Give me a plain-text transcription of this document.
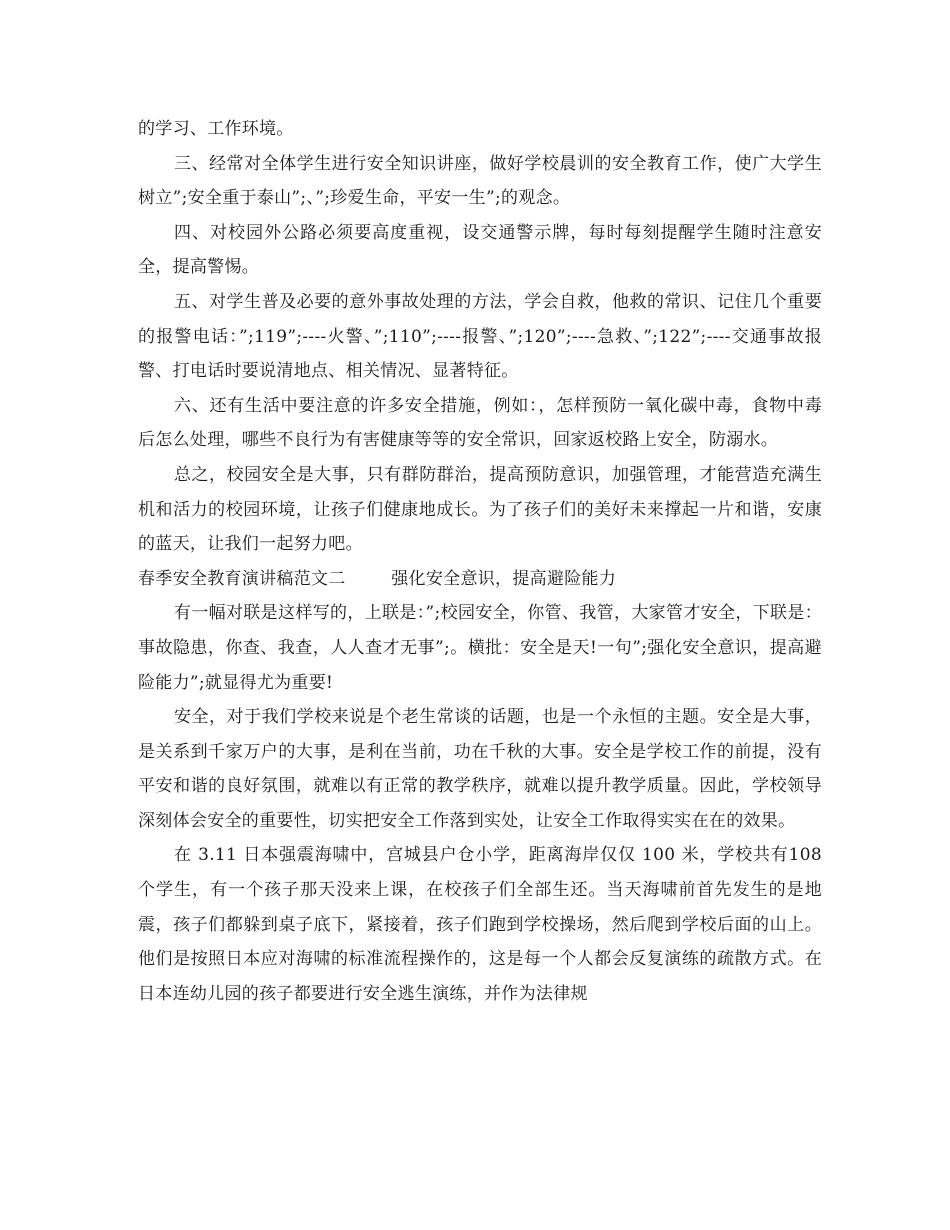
的学习、工作环境。

三、经常对全体学生进行安全知识讲座，做好学校晨训的安全教育工作，使广大学生树立”;安全重于泰山”;、”;珍爱生命，平安一生”;的观念。

四、对校园外公路必须要高度重视，设交通警示牌，每时每刻提醒学生随时注意安全，提高警惕。

五、对学生普及必要的意外事故处理的方法，学会自救，他救的常识、记住几个重要的报警电话：”;119”;----火警、”;110”;----报警、”;120”;----急救、”;122”;----交通事故报警、打电话时要说清地点、相关情况、显著特征。

六、还有生活中要注意的许多安全措施，例如：，怎样预防一氧化碳中毒，食物中毒后怎么处理，哪些不良行为有害健康等等的安全常识，回家返校路上安全，防溺水。

总之，校园安全是大事，只有群防群治，提高预防意识，加强管理，才能营造充满生机和活力的校园环境，让孩子们健康地成长。为了孩子们的美好未来撑起一片和谐，安康的蓝天，让我们一起努力吧。

春季安全教育演讲稿范文二	强化安全意识，提高避险能力

有一幅对联是这样写的，上联是：”;校园安全，你管、我管，大家管才安全，下联是：事故隐患，你查、我查，人人查才无事”;。横批：安全是天!一句”;强化安全意识，提高避险能力”;就显得尤为重要!

安全，对于我们学校来说是个老生常谈的话题，也是一个永恒的主题。安全是大事，是关系到千家万户的大事，是利在当前，功在千秋的大事。安全是学校工作的前提，没有平安和谐的良好氛围，就难以有正常的教学秩序，就难以提升教学质量。因此，学校领导深刻体会安全的重要性，切实把安全工作落到实处，让安全工作取得实实在在的效果。

在 3.11 日本强震海啸中，宫城县户仓小学，距离海岸仅仅 100 米，学校共有108 个学生，有一个孩子那天没来上课，在校孩子们全部生还。当天海啸前首先发生的是地震，孩子们都躲到桌子底下，紧接着，孩子们跑到学校操场，然后爬到学校后面的山上。他们是按照日本应对海啸的标准流程操作的，这是每一个人都会反复演练的疏散方式。在日本连幼儿园的孩子都要进行安全逃生演练，并作为法律规
